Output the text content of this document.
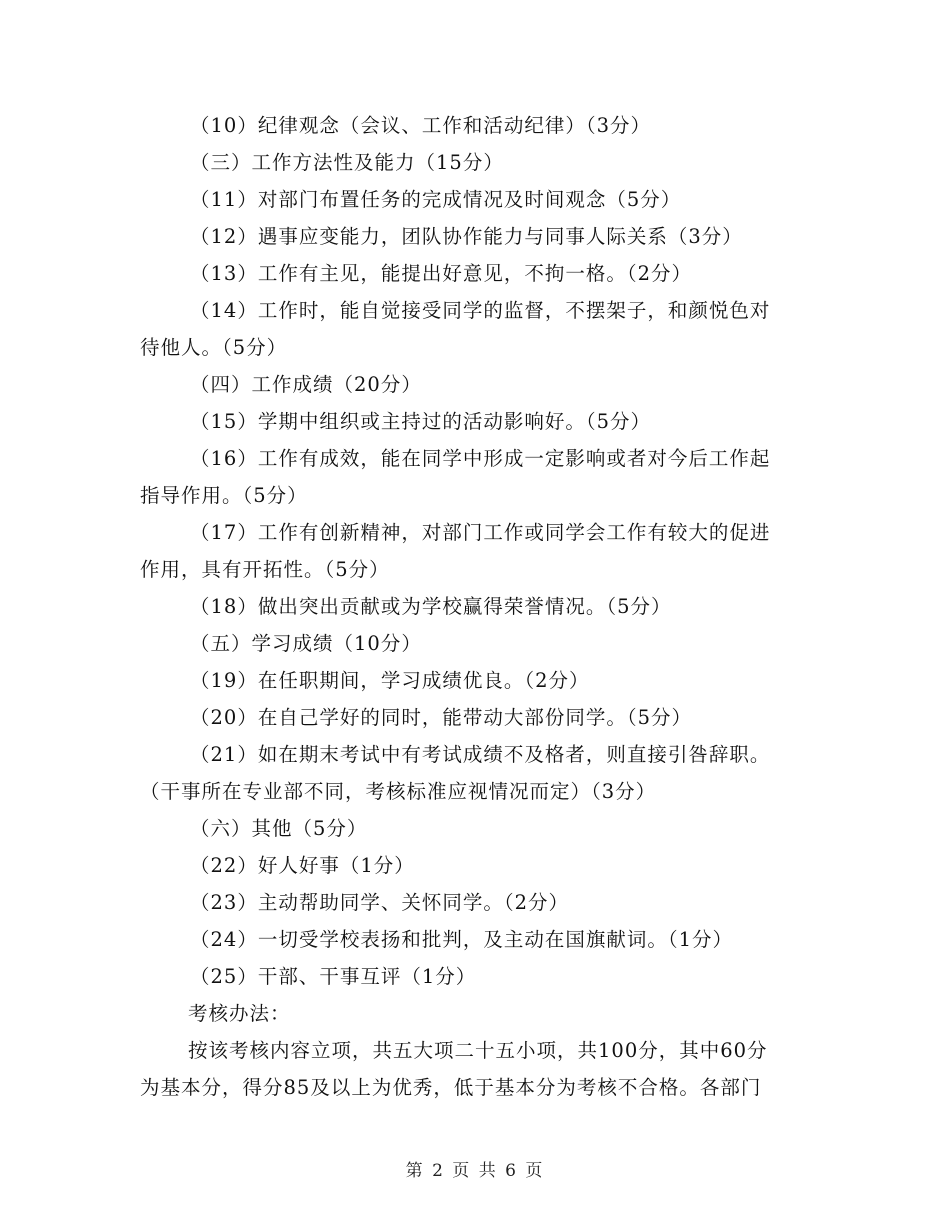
（10）纪律观念（会议、工作和活动纪律）（3分）
（三）工作方法性及能力（15分）
（11）对部门布置任务的完成情况及时间观念（5分）
（12）遇事应变能力，团队协作能力与同事人际关系（3分）
（13）工作有主见，能提出好意见，不拘一格。（2分）
（14）工作时，能自觉接受同学的监督，不摆架子，和颜悦色对
待他人。（5分）
（四）工作成绩（20分）
（15）学期中组织或主持过的活动影响好。（5分）
（16）工作有成效，能在同学中形成一定影响或者对今后工作起
指导作用。（5分）
（17）工作有创新精神，对部门工作或同学会工作有较大的促进
作用，具有开拓性。（5分）
（18）做出突出贡献或为学校赢得荣誉情况。（5分）
（五）学习成绩（10分）
（19）在任职期间，学习成绩优良。（2分）
（20）在自己学好的同时，能带动大部份同学。（5分）
（21）如在期末考试中有考试成绩不及格者，则直接引咎辞职。
（干事所在专业部不同，考核标准应视情况而定）（3分）
（六）其他（5分）
（22）好人好事（1分）
（23）主动帮助同学、关怀同学。（2分）
（24）一切受学校表扬和批判，及主动在国旗献词。（1分）
（25）干部、干事互评（1分）
考核办法：
按该考核内容立项，共五大项二十五小项，共100分，其中60分
为基本分，得分85及以上为优秀，低于基本分为考核不合格。各部门
第 2 页 共 6 页
